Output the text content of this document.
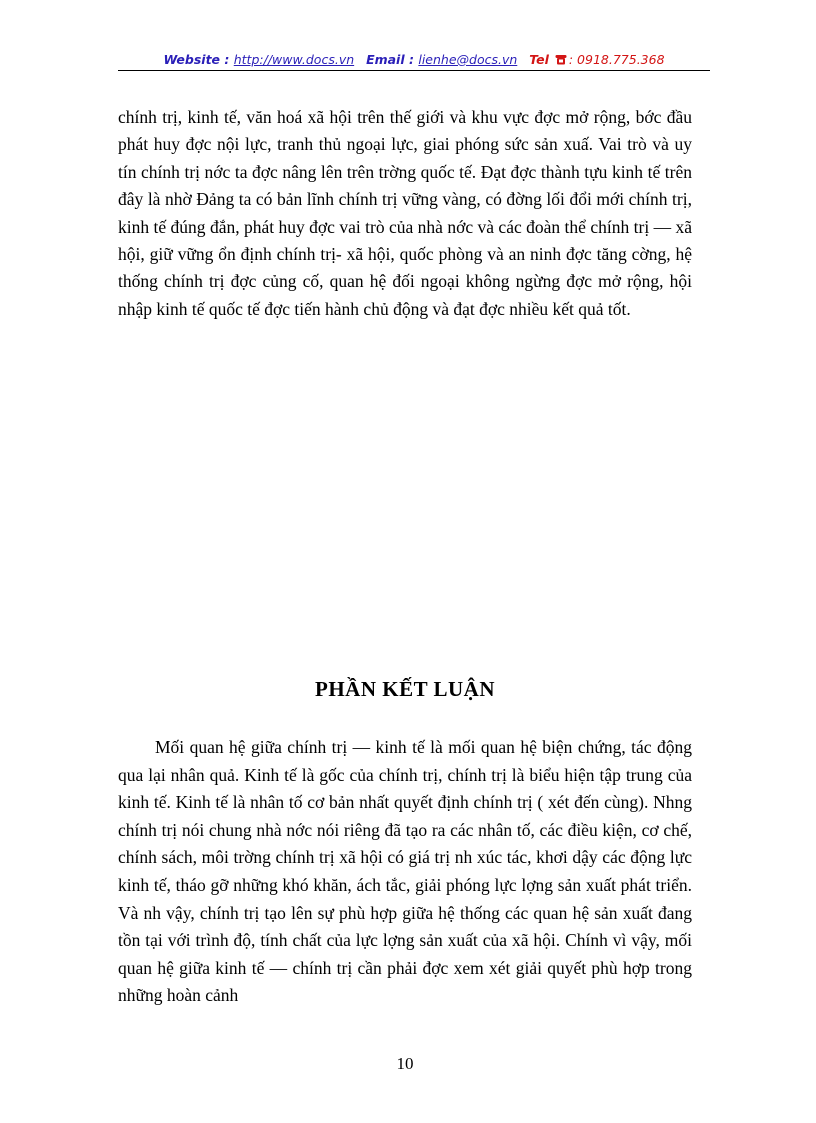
Website : http://www.docs.vn Email : lienhe@docs.vn Tel : 0918.775.368

chính trị, kinh tế, văn hoá xã hội trên thế giới và khu vực đợc mở rộng, bớc đầu phát huy đợc nội lực, tranh thủ ngoại lực, giai phóng sức sản xuấ. Vai trò và uy tín chính trị nớc ta đợc nâng lên trên trờng quốc tế. Đạt đợc thành tựu kinh tế trên đây là nhờ Đảng ta có bản lĩnh chính trị vững vàng, có đờng lối đổi mới chính trị, kinh tế đúng đắn, phát huy đợc vai trò của nhà nớc và các đoàn thể chính trị — xã hội, giữ vững ổn định chính trị- xã hội, quốc phòng và an ninh đợc tăng cờng, hệ thống chính trị đợc củng cố, quan hệ đối ngoại không ngừng đợc mở rộng, hội nhập kinh tế quốc tế đợc tiến hành chủ động và đạt đợc nhiều kết quả tốt.

PHẦN KẾT LUẬN

Mối quan hệ giữa chính trị — kinh tế là mối quan hệ biện chứng, tác động qua lại nhân quả. Kinh tế là gốc của chính trị, chính trị là biểu hiện tập trung của kinh tế. Kinh tế là nhân tố cơ bản nhất quyết định chính trị ( xét đến cùng). Nhng chính trị nói chung nhà nớc nói riêng đã tạo ra các nhân tố, các điều kiện, cơ chế, chính sách, môi trờng chính trị xã hội có giá trị nh xúc tác, khơi dậy các động lực kinh tế, tháo gỡ những khó khăn, ách tắc, giải phóng lực lợng sản xuất phát triển. Và nh vậy, chính trị tạo lên sự phù hợp giữa hệ thống các quan hệ sản xuất đang tồn tại với trình độ, tính chất của lực lợng sản xuất của xã hội. Chính vì vậy, mối quan hệ giữa kinh tế — chính trị cần phải đợc xem xét giải quyết phù hợp trong những hoàn cảnh

10
